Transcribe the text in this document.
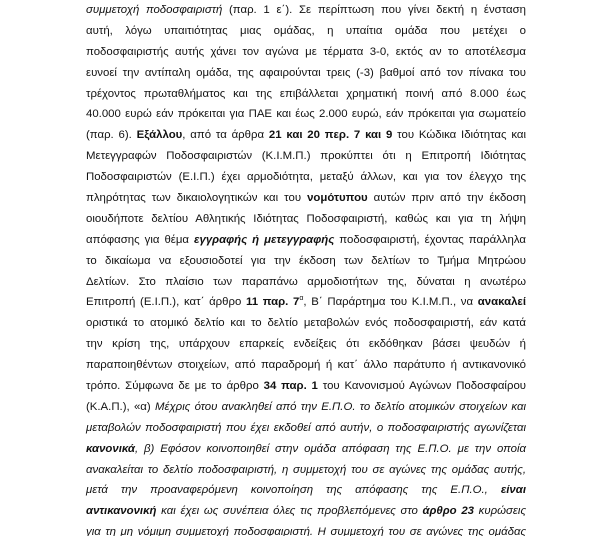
συμμετοχή ποδοσφαιριστή (παρ. 1 ε΄). Σε περίπτωση που γίνει δεκτή η ένσταση
αυτή, λόγω υπαιτιότητας μιας ομάδας, η υπαίτια ομάδα που μετέχει ο
ποδοσφαιριστής αυτής χάνει τον αγώνα με τέρματα 3-0, εκτός αν το αποτέλεσμα
ευνοεί την αντίπαλη ομάδα, της αφαιρούνται τρεις (-3) βαθμοί από τον πίνακα του
τρέχοντος πρωταθλήματος και της επιβάλλεται χρηματική ποινή από 8.000 έως
40.000 ευρώ εάν πρόκειται για ΠΑΕ και έως 2.000 ευρώ, εάν πρόκειται για σωματείο
(παρ. 6). Εξάλλου, από τα άρθρα 21 και 20 περ. 7 και 9 του Κώδικα Ιδιότητας και
Μετεγγραφών Ποδοσφαιριστών (Κ.Ι.Μ.Π.) προκύπτει ότι η Επιτροπή Ιδιότητας
Ποδοσφαιριστών (Ε.Ι.Π.) έχει αρμοδιότητα, μεταξύ άλλων, και για τον έλεγχο της
πληρότητας των δικαιολογητικών και του νομότυπου αυτών πριν από την έκδοση
οιουδήποτε δελτίου Αθλητικής Ιδιότητας Ποδοσφαιριστή, καθώς και για τη λήψη
απόφασης για θέμα εγγραφής ή μετεγγραφής ποδοσφαιριστή, έχοντας παράλληλα
το δικαίωμα να εξουσιοδοτεί για την έκδοση των δελτίων το Τμήμα Μητρώου
Δελτίων. Στο πλαίσιο των παραπάνω αρμοδιοτήτων της, δύναται η ανωτέρω
Επιτροπή (Ε.Ι.Π.), κατ΄ άρθρο 11 παρ. $7^\alpha$, Β΄ Παράρτημα του Κ.Ι.Μ.Π., να ανακαλεί
οριστικά το ατομικό δελτίο και το δελτίο μεταβολών ενός ποδοσφαιριστή, εάν κατά
την κρίση της, υπάρχουν επαρκείς ενδείξεις ότι εκδόθηκαν βάσει ψευδών ή
παραποιηθέντων στοιχείων, από παραδρομή ή κατ΄ άλλο παράτυπο ή αντικανονικό
τρόπο. Σύμφωνα δε με το άρθρο 34 παρ. 1 του Κανονισμού Αγώνων Ποδοσφαίρου
(Κ.Α.Π.), «α) Μέχρις ότου ανακληθεί από την Ε.Π.Ο. το δελτίο ατομικών στοιχείων και
μεταβολών ποδοσφαιριστή που έχει εκδοθεί από αυτήν, ο ποδοσφαιριστής αγωνίζεται
κανονικά, β) Εφόσον κοινοποιηθεί στην ομάδα απόφαση της Ε.Π.Ο. με την οποία
ανακαλείται το δελτίο ποδοσφαιριστή, η συμμετοχή του σε αγώνες της ομάδας αυτής,
μετά την προαναφερόμενη κοινοποίηση της απόφασης της Ε.Π.Ο., είναι
αντικανονική και έχει ως συνέπεια όλες τις προβλεπόμενες στο άρθρο 23 κυρώσεις
για τη μη νόμιμη συμμετοχή ποδοσφαιριστή. Η συμμετοχή του σε αγώνες της ομάδας
